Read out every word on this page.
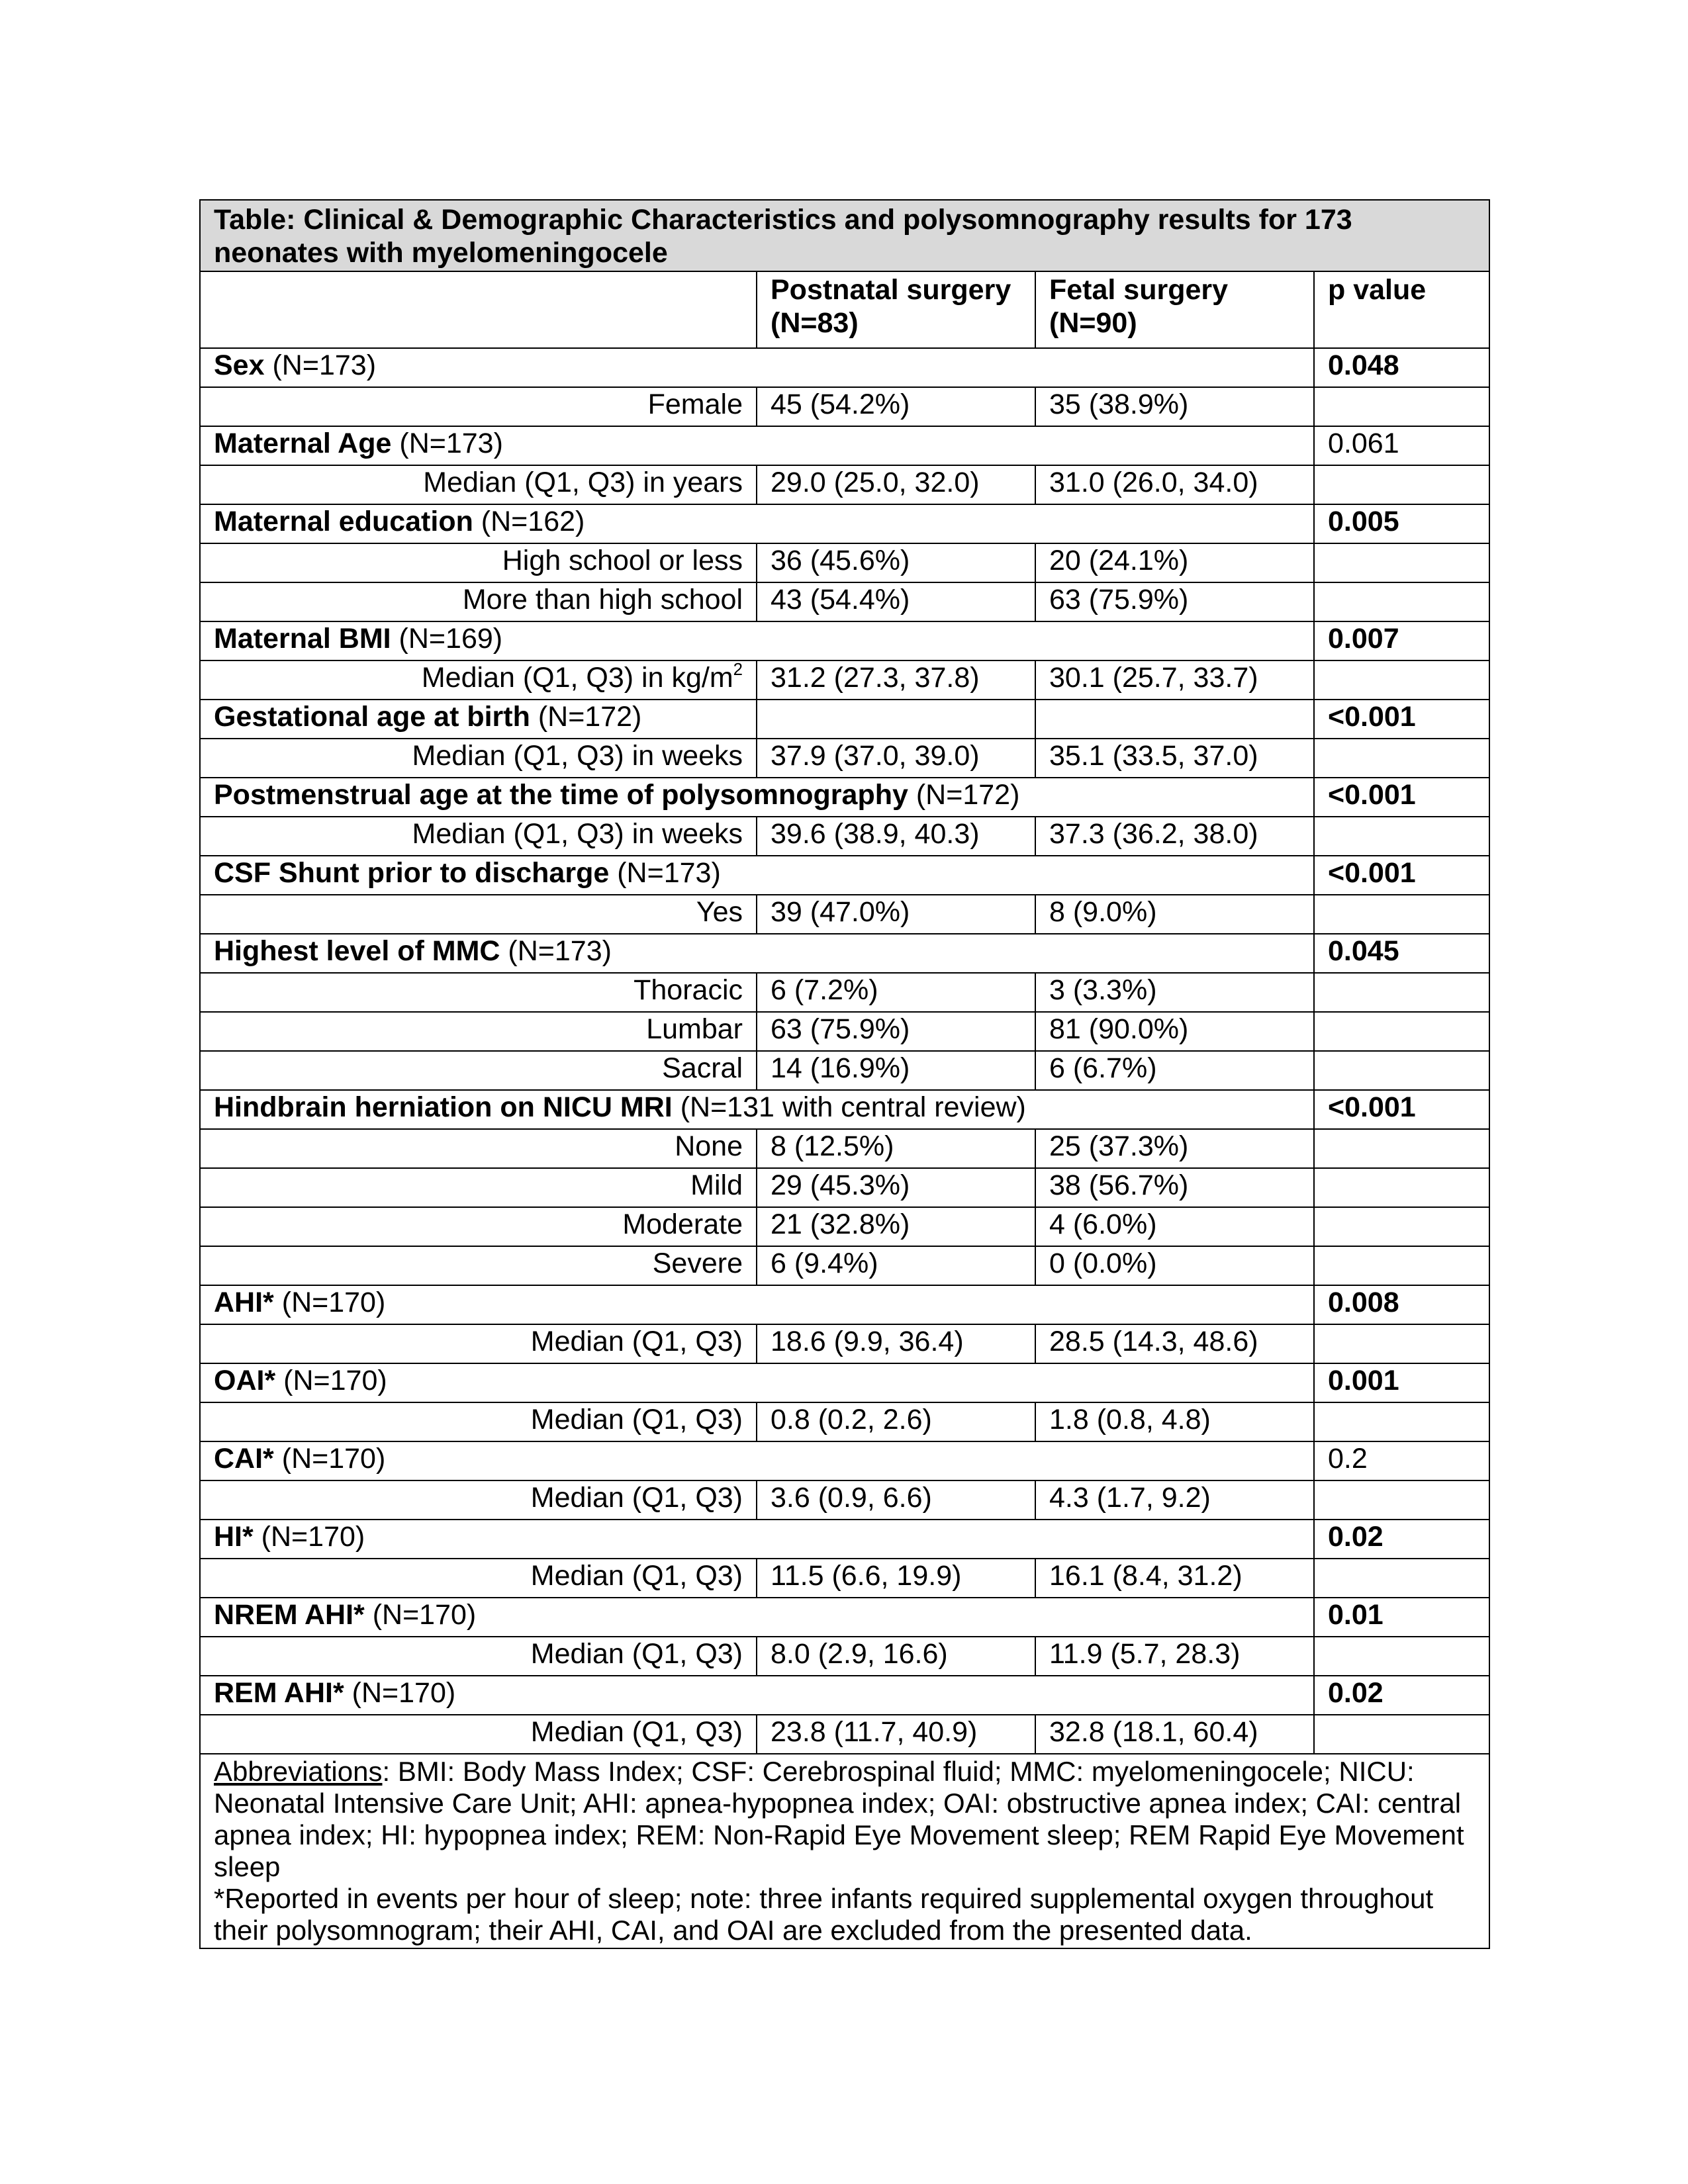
Table: Clinical & Demographic Characteristics and polysomnography results for 173 neonates with myelomeningocele			
	Postnatal surgery (N=83)	Fetal surgery (N=90)	p value
Sex (N=173)			0.048
Female	45 (54.2%)	35 (38.9%)	
Maternal Age (N=173)			0.061
Median (Q1, Q3) in years	29.0 (25.0, 32.0)	31.0 (26.0, 34.0)	
Maternal education (N=162)			0.005
High school or less	36 (45.6%)	20 (24.1%)	
More than high school	43 (54.4%)	63 (75.9%)	
Maternal BMI (N=169)			0.007
Median (Q1, Q3) in $kg/m^2$	31.2 (27.3, 37.8)	30.1 (25.7, 33.7)	
Gestational age at birth (N=172)			<0.001
Median (Q1, Q3) in weeks	37.9 (37.0, 39.0)	35.1 (33.5, 37.0)	
Postmenstrual age at the time of polysomnography (N=172)			<0.001
Median (Q1, Q3) in weeks	39.6 (38.9, 40.3)	37.3 (36.2, 38.0)	
CSF Shunt prior to discharge (N=173)			<0.001
Yes	39 (47.0%)	8 (9.0%)	
Highest level of MMC (N=173)			0.045
Thoracic	6 (7.2%)	3 (3.3%)	
Lumbar	63 (75.9%)	81 (90.0%)	
Sacral	14 (16.9%)	6 (6.7%)	
Hindbrain herniation on NICU MRI (N=131 with central review)			<0.001
None	8 (12.5%)	25 (37.3%)	
Mild	29 (45.3%)	38 (56.7%)	
Moderate	21 (32.8%)	4 (6.0%)	
Severe	6 (9.4%)	0 (0.0%)	
AHI* (N=170)			0.008
Median (Q1, Q3)	18.6 (9.9, 36.4)	28.5 (14.3, 48.6)	
OAI* (N=170)			0.001
Median (Q1, Q3)	0.8 (0.2, 2.6)	1.8 (0.8, 4.8)	
CAI* (N=170)			0.2
Median (Q1, Q3)	3.6 (0.9, 6.6)	4.3 (1.7, 9.2)	
HI* (N=170)			0.02
Median (Q1, Q3)	11.5 (6.6, 19.9)	16.1 (8.4, 31.2)	
NREM AHI* (N=170)			0.01
Median (Q1, Q3)	8.0 (2.9, 16.6)	11.9 (5.7, 28.3)	
REM AHI* (N=170)			0.02
Median (Q1, Q3)	23.8 (11.7, 40.9)	32.8 (18.1, 60.4)	

Abbreviations: BMI: Body Mass Index; CSF: Cerebrospinal fluid; MMC: myelomeningocele; NICU: Neonatal Intensive Care Unit; AHI: apnea-hypopnea index; OAI: obstructive apnea index; CAI: central apnea index; HI: hypopnea index; REM: Non-Rapid Eye Movement sleep; REM Rapid Eye Movement sleep
*Reported in events per hour of sleep; note: three infants required supplemental oxygen throughout their polysomnogram; their AHI, CAI, and OAI are excluded from the presented data.			
